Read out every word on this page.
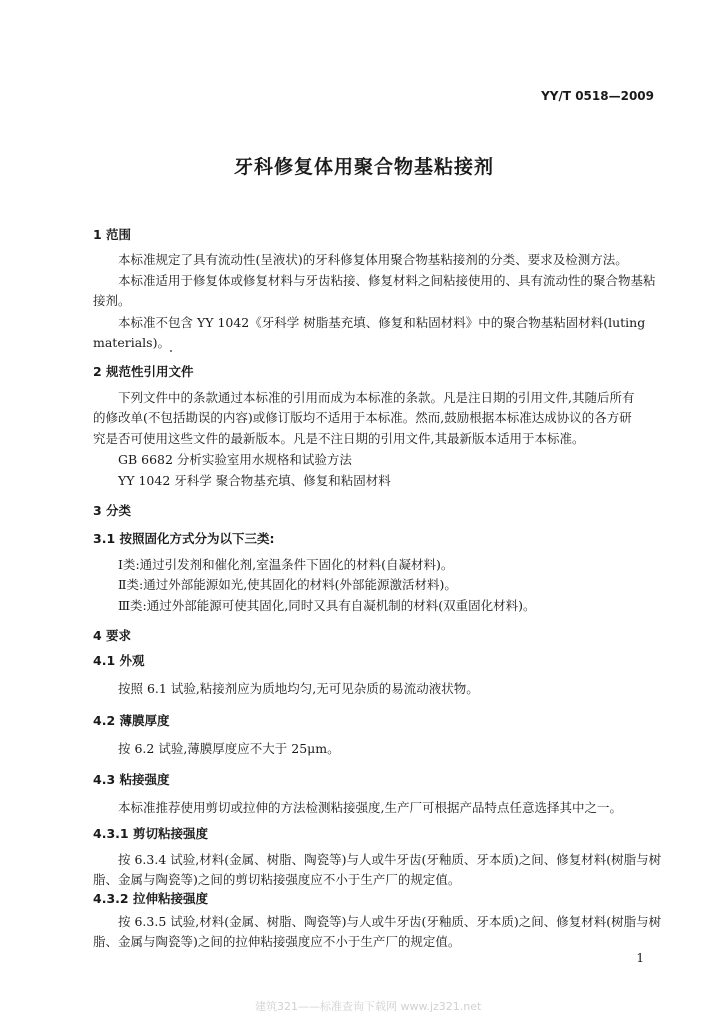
YY/T 0518—2009
牙科修复体用聚合物基粘接剂
1 范围
本标准规定了具有流动性(呈液状)的牙科修复体用聚合物基粘接剂的分类、要求及检测方法。
本标准适用于修复体或修复材料与牙齿粘接、修复材料之间粘接使用的、具有流动性的聚合物基粘
接剂。
本标准不包含 YY 1042《牙科学 树脂基充填、修复和粘固材料》中的聚合物基粘固材料(luting
materials)。
2 规范性引用文件
下列文件中的条款通过本标准的引用而成为本标准的条款。凡是注日期的引用文件,其随后所有
的修改单(不包括勘误的内容)或修订版均不适用于本标准。然而,鼓励根据本标准达成协议的各方研
究是否可使用这些文件的最新版本。凡是不注日期的引用文件,其最新版本适用于本标准。
GB 6682 分析实验室用水规格和试验方法
YY 1042 牙科学 聚合物基充填、修复和粘固材料
3 分类
3.1 按照固化方式分为以下三类:
Ⅰ类:通过引发剂和催化剂,室温条件下固化的材料(自凝材料)。
Ⅱ类:通过外部能源如光,使其固化的材料(外部能源激活材料)。
Ⅲ类:通过外部能源可使其固化,同时又具有自凝机制的材料(双重固化材料)。
4 要求
4.1 外观
按照 6.1 试验,粘接剂应为质地均匀,无可见杂质的易流动液状物。
4.2 薄膜厚度
按 6.2 试验,薄膜厚度应不大于 25μm。
4.3 粘接强度
本标准推荐使用剪切或拉伸的方法检测粘接强度,生产厂可根据产品特点任意选择其中之一。
4.3.1 剪切粘接强度
按 6.3.4 试验,材料(金属、树脂、陶瓷等)与人或牛牙齿(牙釉质、牙本质)之间、修复材料(树脂与树
脂、金属与陶瓷等)之间的剪切粘接强度应不小于生产厂的规定值。
4.3.2 拉伸粘接强度
按 6.3.5 试验,材料(金属、树脂、陶瓷等)与人或牛牙齿(牙釉质、牙本质)之间、修复材料(树脂与树
脂、金属与陶瓷等)之间的拉伸粘接强度应不小于生产厂的规定值。
1
建筑321——标准查询下载网 www.jz321.net
